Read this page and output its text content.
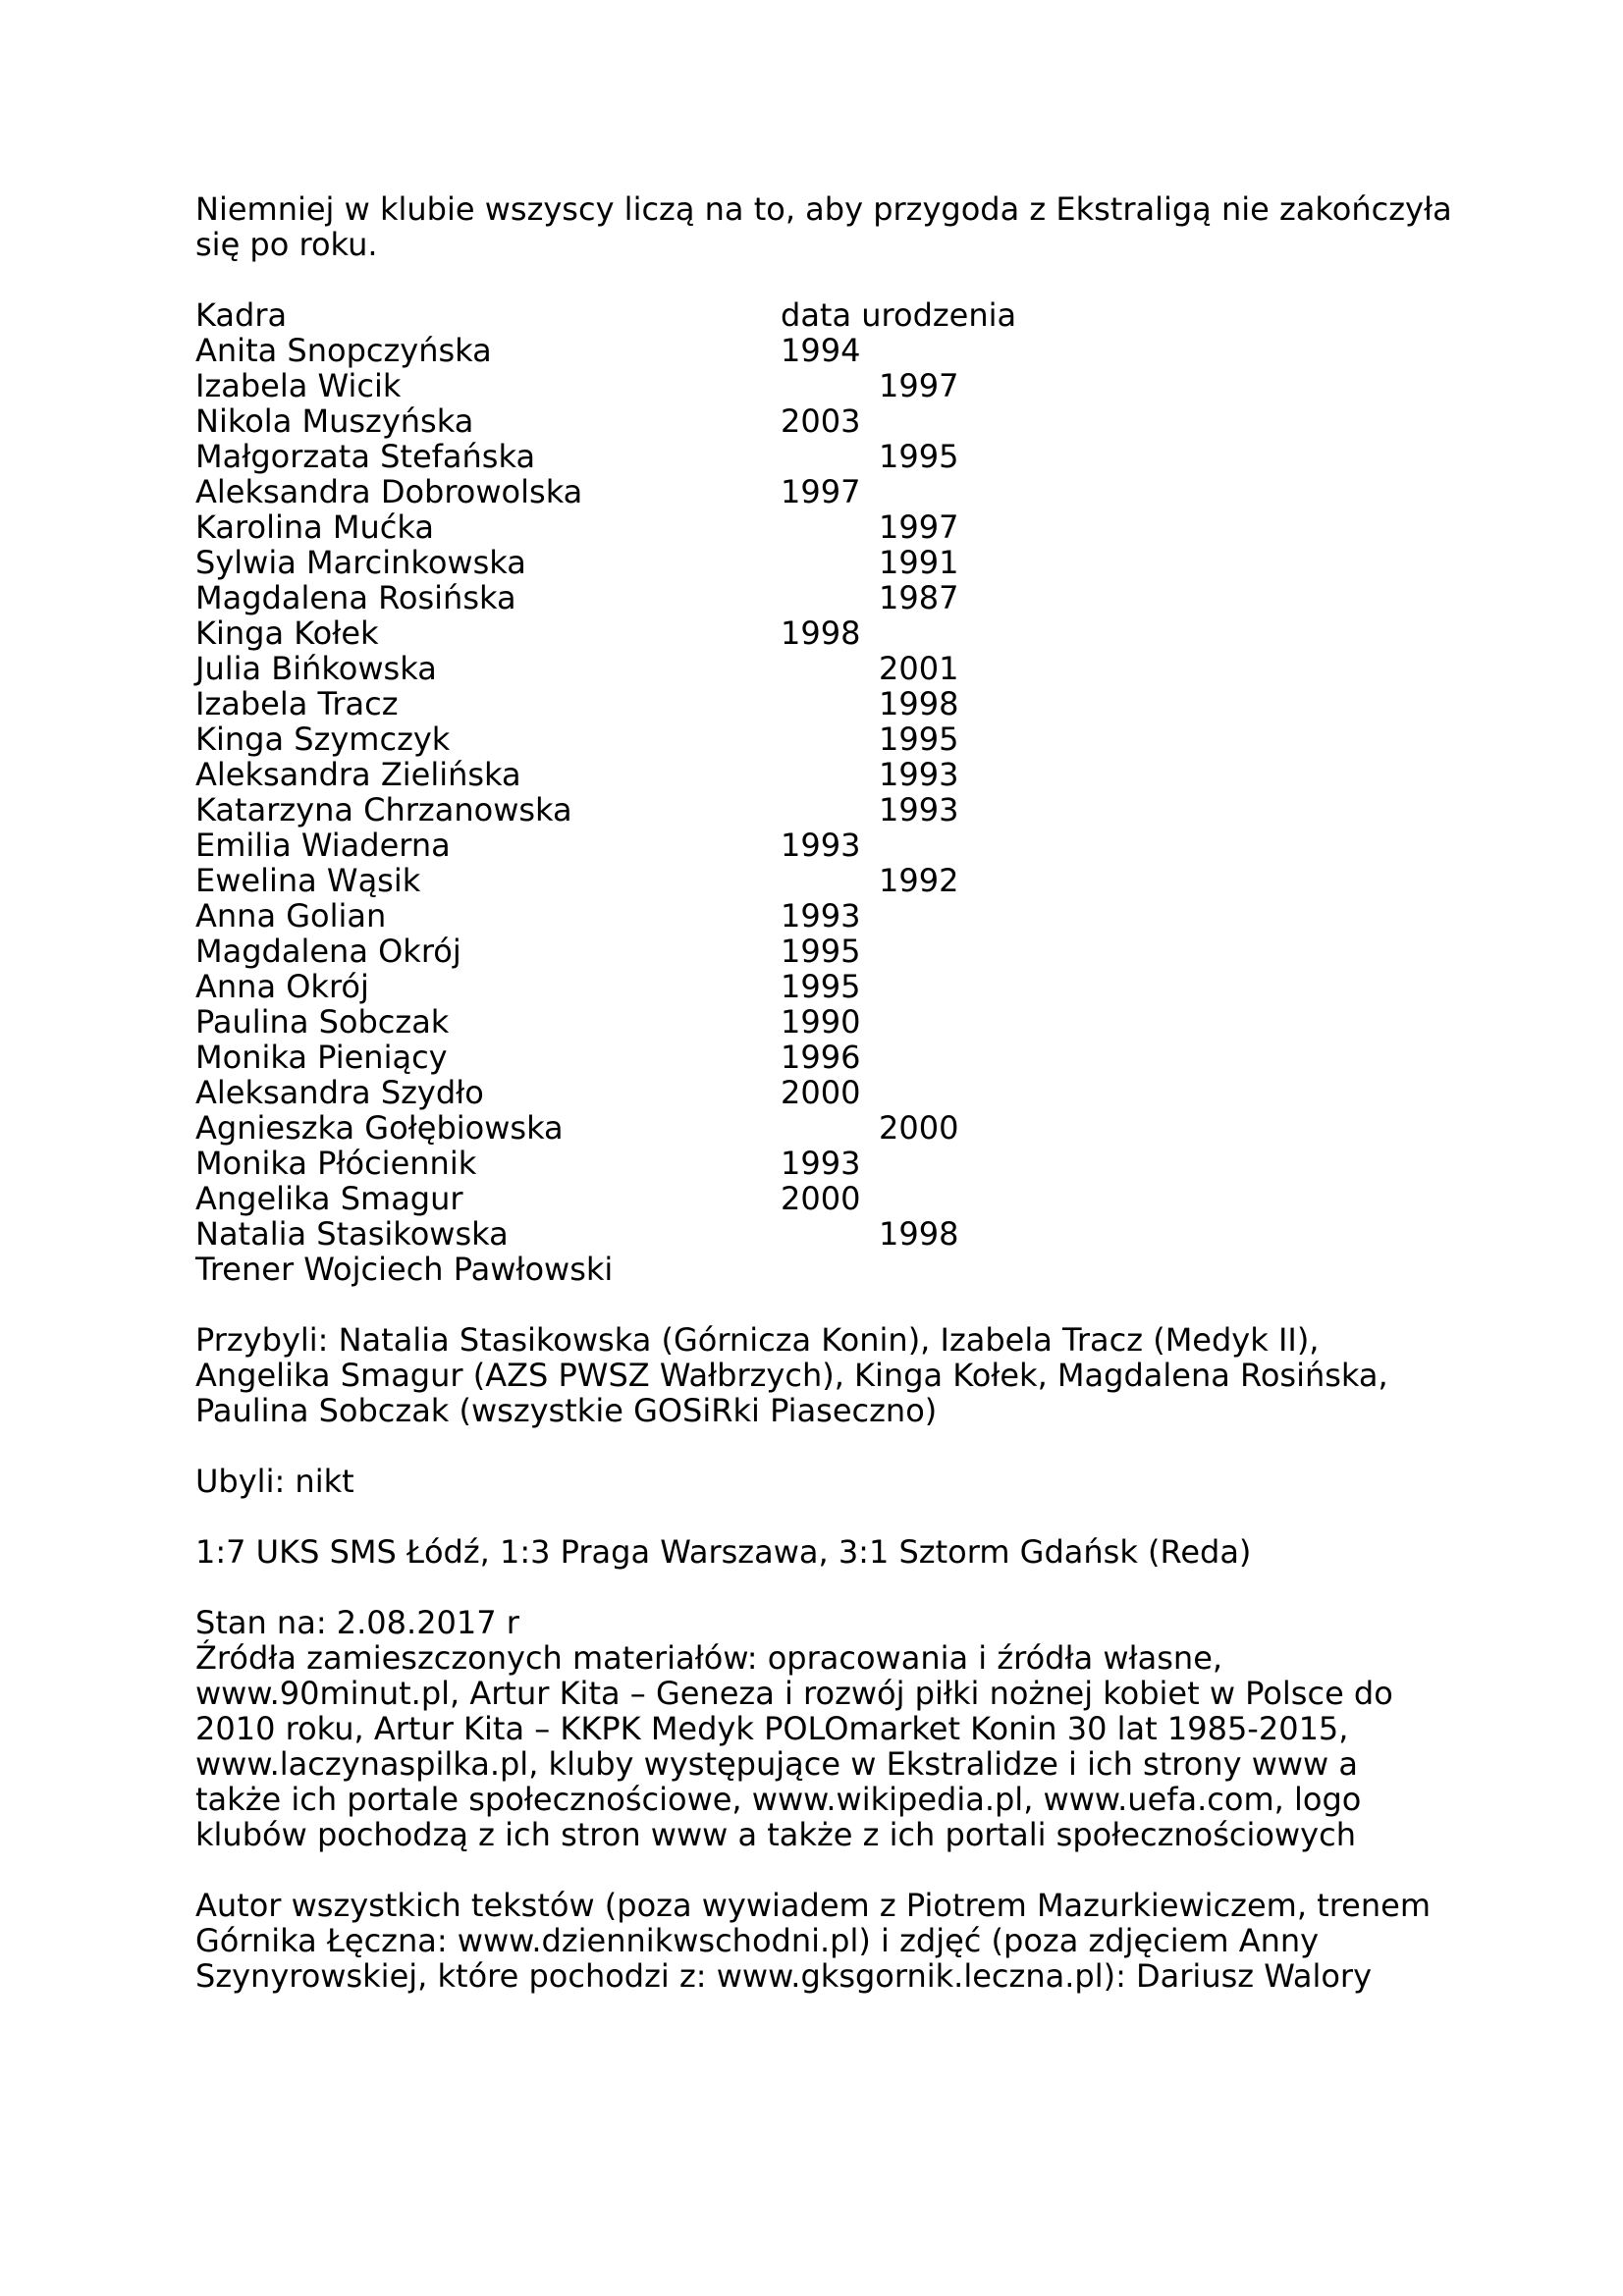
Niemniej w klubie wszyscy liczą na to, aby przygoda z Ekstraligą nie zakończyła się po roku.

Kadra	data urodzenia
Anita Snopczyńska	1994
Izabela Wicik	1997
Nikola Muszyńska	2003
Małgorzata Stefańska	1995
Aleksandra Dobrowolska	1997
Karolina Mućka	1997
Sylwia Marcinkowska	1991
Magdalena Rosińska	1987
Kinga Kołek	1998
Julia Bińkowska	2001
Izabela Tracz	1998
Kinga Szymczyk	1995
Aleksandra Zielińska	1993
Katarzyna Chrzanowska	1993
Emilia Wiaderna	1993
Ewelina Wąsik	1992
Anna Golian	1993
Magdalena Okrój	1995
Anna Okrój	1995
Paulina Sobczak	1990
Monika Pieniący	1996
Aleksandra Szydło	2000
Agnieszka Gołębiowska	2000
Monika Płóciennik	1993
Angelika Smagur	2000
Natalia Stasikowska	1998
Trener Wojciech Pawłowski

Przybyli: Natalia Stasikowska (Górnicza Konin), Izabela Tracz (Medyk II), Angelika Smagur (AZS PWSZ Wałbrzych), Kinga Kołek, Magdalena Rosińska, Paulina Sobczak (wszystkie GOSiRki Piaseczno)

Ubyli: nikt

1:7 UKS SMS Łódź, 1:3 Praga Warszawa, 3:1 Sztorm Gdańsk (Reda)

Stan na: 2.08.2017 r

Źródła zamieszczonych materiałów: opracowania i źródła własne, www.90minut.pl, Artur Kita – Geneza i rozwój piłki nożnej kobiet w Polsce do 2010 roku, Artur Kita – KKPK Medyk POLOmarket Konin 30 lat 1985-2015, www.laczynaspilka.pl, kluby występujące w Ekstralidze i ich strony www a także ich portale społecznościowe, www.wikipedia.pl, www.uefa.com, logo klubów pochodzą z ich stron www a także z ich portali społecznościowych

Autor wszystkich tekstów (poza wywiadem z Piotrem Mazurkiewiczem, trenem Górnika Łęczna: www.dziennikwschodni.pl) i zdjęć (poza zdjęciem Anny Szynyrowskiej, które pochodzi z: www.gksgornik.leczna.pl): Dariusz Walory
